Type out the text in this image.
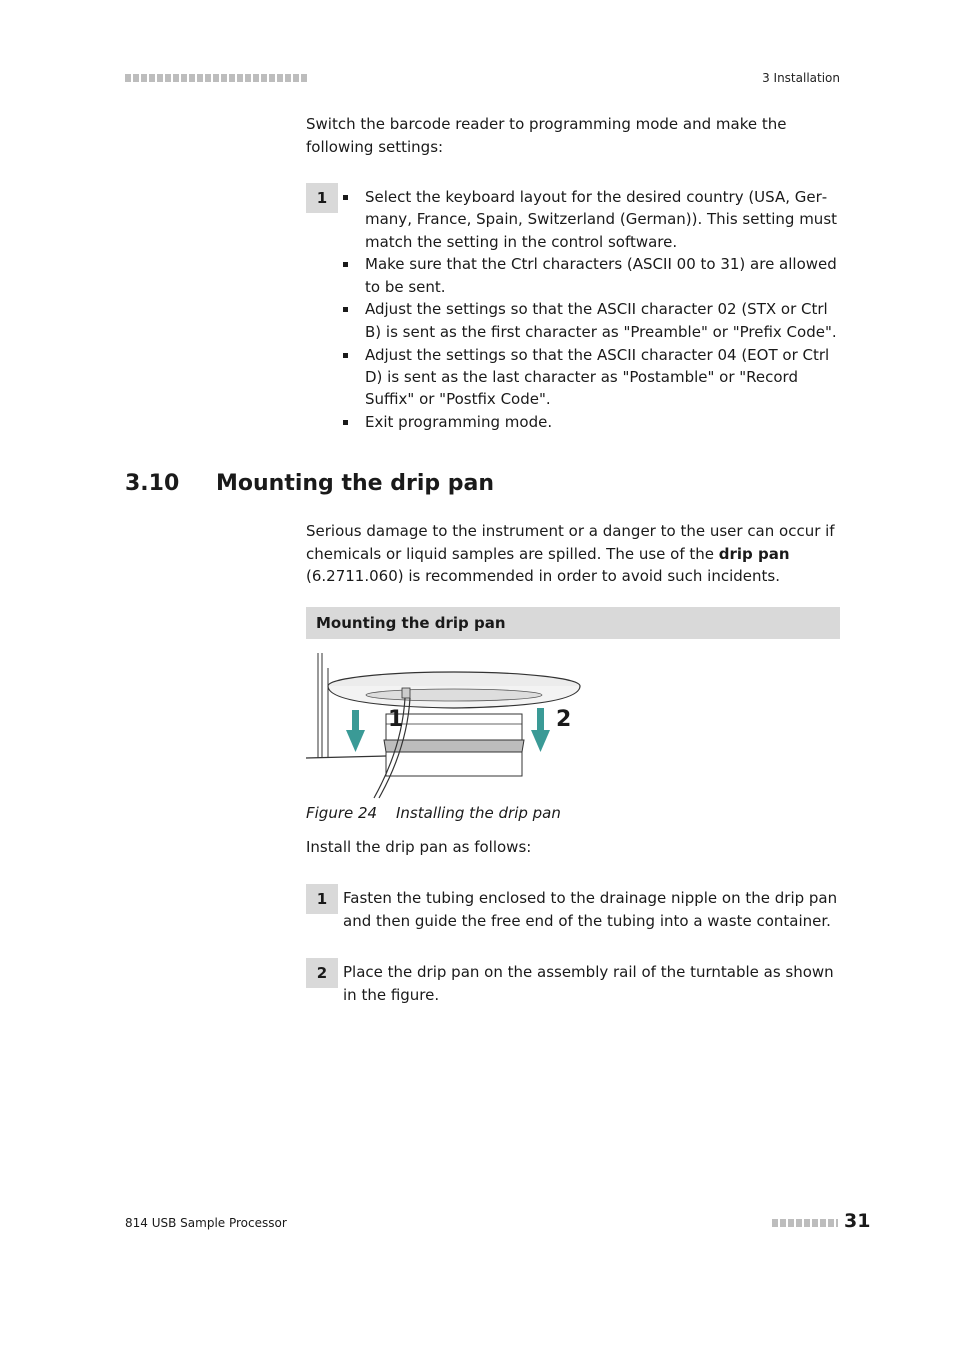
3 Installation

Switch the barcode reader to programming mode and make the following settings:

1	Select the keyboard layout for the desired country (USA, Germany, France, Spain, Switzerland (German)). This setting must match the setting in the control software.
Make sure that the Ctrl characters (ASCII 00 to 31) are allowed to be sent.
Adjust the settings so that the ASCII character 02 (STX or Ctrl B) is sent as the first character as "Preamble" or "Prefix Code".
Adjust the settings so that the ASCII character 04 (EOT or Ctrl D) is sent as the last character as "Postamble" or "Record Suffix" or "Postfix Code".
Exit programming mode.
3.10 Mounting the drip pan

Serious damage to the instrument or a danger to the user can occur if chemicals or liquid samples are spilled. The use of the drip pan (6.2711.060) is recommended in order to avoid such incidents.

Mounting the drip pan
1	2
Figure 24 Installing the drip pan

Install the drip pan as follows:

1	Fasten the tubing enclosed to the drainage nipple on the drip pan and then guide the free end of the tubing into a waste container.

2	Place the drip pan on the assembly rail of the turntable as shown in the figure.

814 USB Sample Processor	31
